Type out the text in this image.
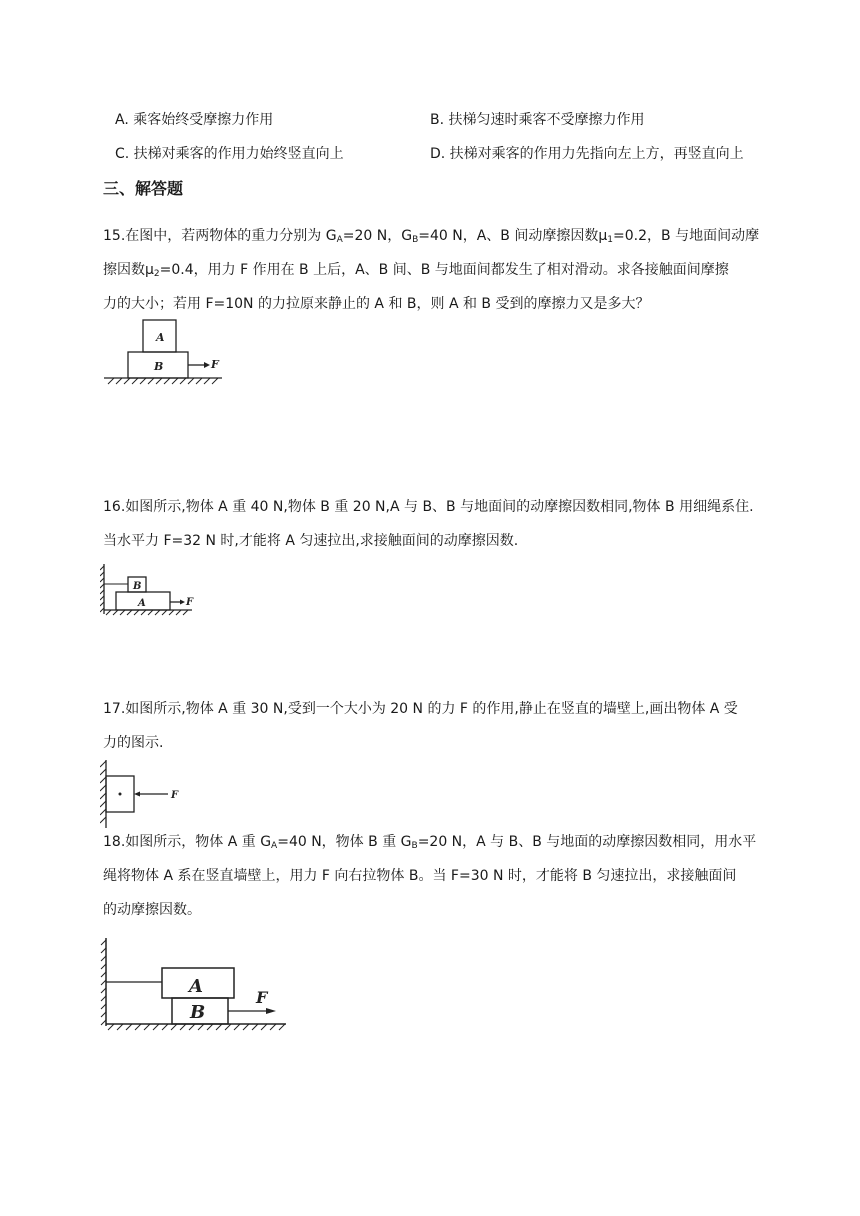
A. 乘客始终受摩擦力作用	B. 扶梯匀速时乘客不受摩擦力作用
C. 扶梯对乘客的作用力始终竖直向上	D. 扶梯对乘客的作用力先指向左上方，再竖直向上
三、解答题
15.在图中，若两物体的重力分别为 $G_A=20$ N，$G_B=40$ N，A、B 间动摩擦因数$\mu_1=0.2$，B 与地面间动摩
擦因数$\mu_2=0.4$，用力 F 作用在 B 上后，A、B 间、B 与地面间都发生了相对滑动。求各接触面间摩擦
力的大小；若用 F=10N 的力拉原来静止的 A 和 B，则 A 和 B 受到的摩擦力又是多大？
A
B	F
16.如图所示,物体 A 重 40 N,物体 B 重 20 N,A 与 B、B 与地面间的动摩擦因数相同,物体 B 用细绳系住.
当水平力 F=32 N 时,才能将 A 匀速拉出,求接触面间的动摩擦因数.
B
A	F
17.如图所示,物体 A 重 30 N,受到一个大小为 20 N 的力 F 的作用,静止在竖直的墙壁上,画出物体 A 受
力的图示.
F
18.如图所示，物体 A 重 $G_A=40$ N，物体 B 重 $G_B=20$ N，A 与 B、B 与地面的动摩擦因数相同，用水平
绳将物体 A 系在竖直墙壁上，用力 F 向右拉物体 B。当 F=30 N 时，才能将 B 匀速拉出，求接触面间
的动摩擦因数。
A
B
F
